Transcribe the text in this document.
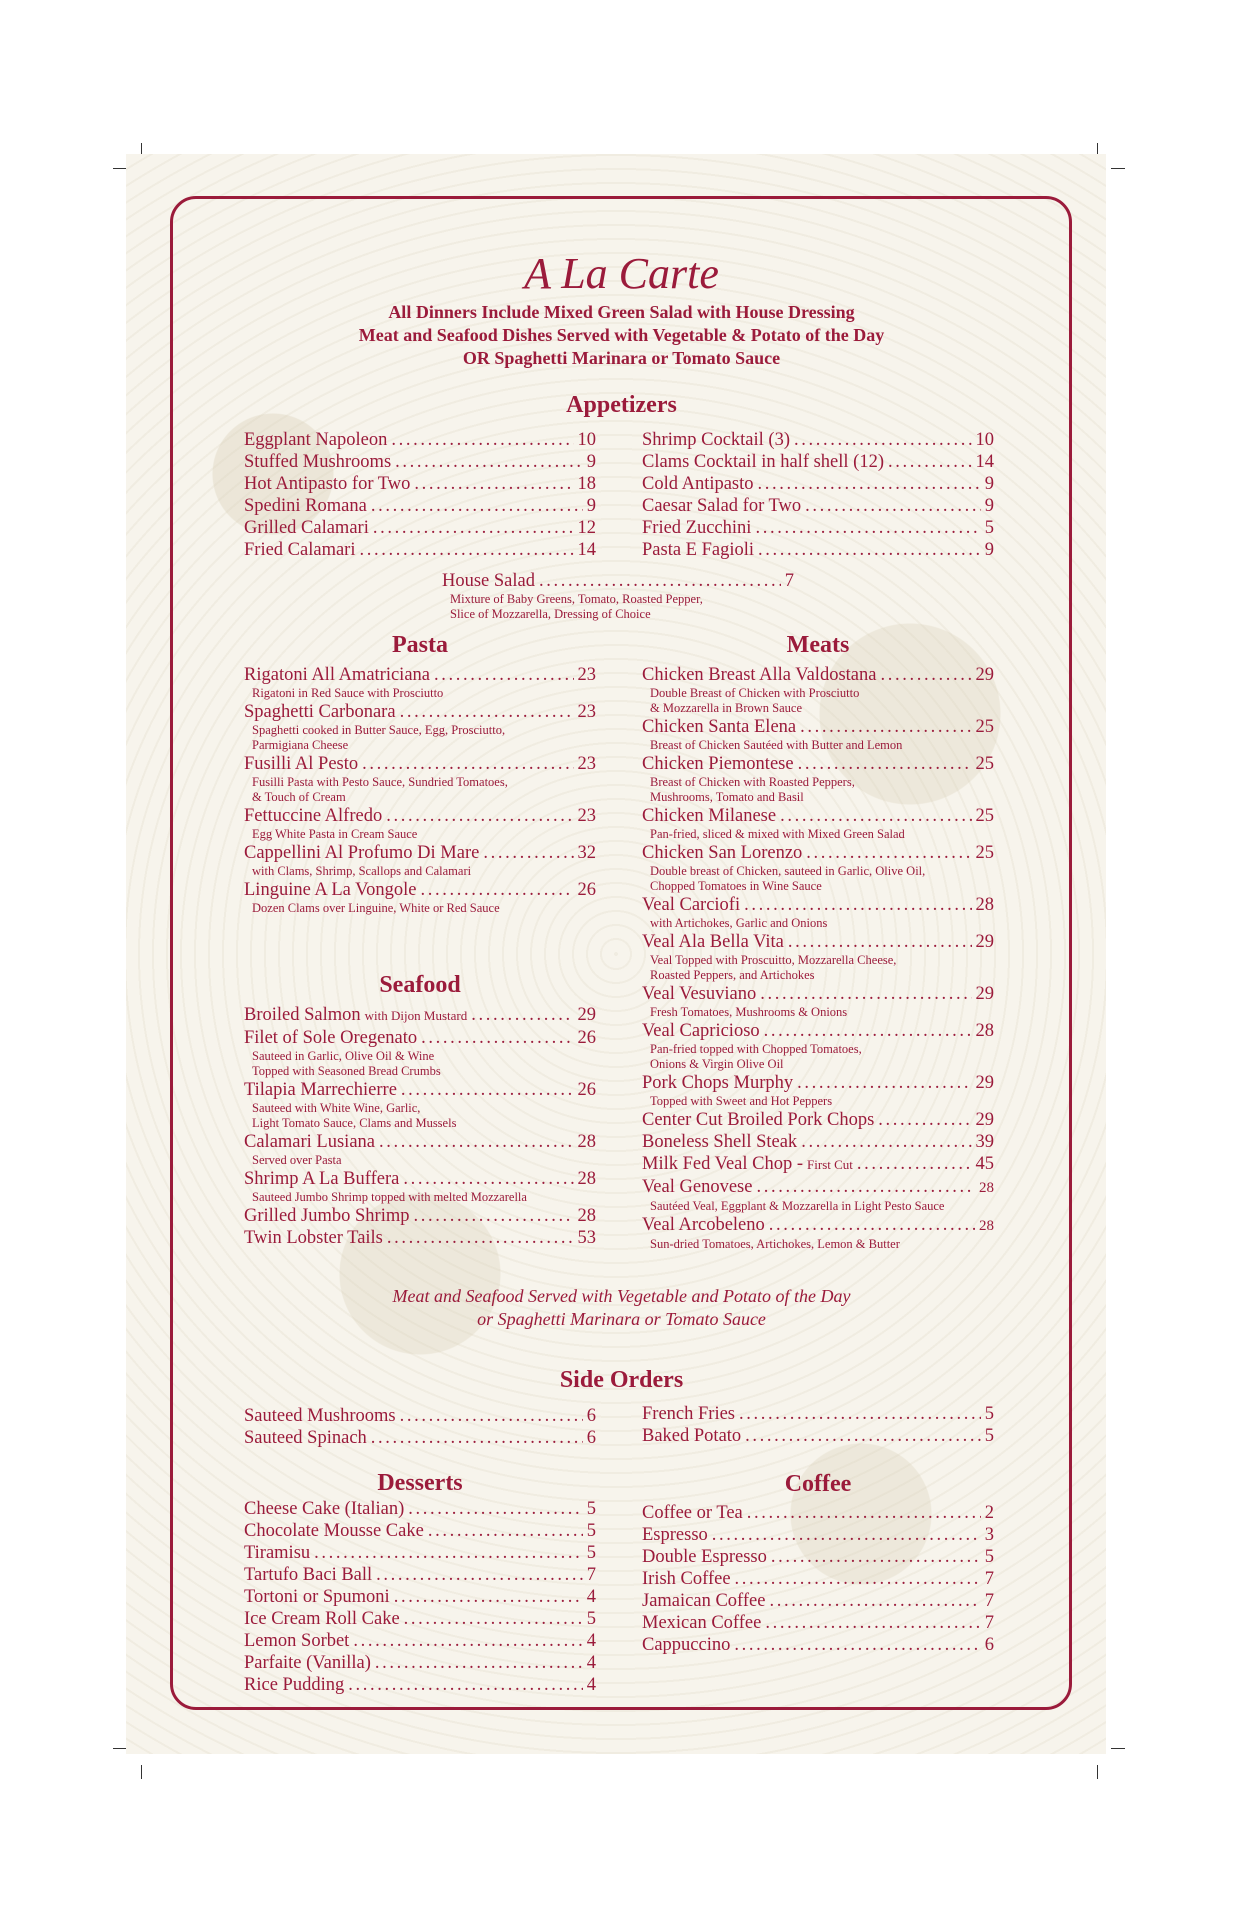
A La Carte
All Dinners Include Mixed Green Salad with House Dressing
Meat and Seafood Dishes Served with Vegetable & Potato of the Day
OR Spaghetti Marinara or Tomato Sauce
Appetizers
Eggplant Napoleon . . .	10
Stuffed Mushrooms . . .	9
Hot Antipasto for Two . . .	18
Spedini Romana . . .	9
Grilled Calamari . . .	12
Fried Calamari . . .	14
Shrimp Cocktail (3) . . .	10
Clams Cocktail in half shell (12) . . .	14
Cold Antipasto . . .	9
Caesar Salad for Two . . .	9
Fried Zucchini . . .	5
Pasta E Fagioli . . .	9
House Salad . . .	7
Mixture of Baby Greens, Tomato, Roasted Pepper,
Slice of Mozzarella, Dressing of Choice
Pasta
Rigatoni All Amatriciana . . .	23
Rigatoni in Red Sauce with Prosciutto
Spaghetti Carbonara . . .	23
Spaghetti cooked in Butter Sauce, Egg, Prosciutto,
Parmigiana Cheese
Fusilli Al Pesto . . .	23
Fusilli Pasta with Pesto Sauce, Sundried Tomatoes,
& Touch of Cream
Fettuccine Alfredo . . .	23
Egg White Pasta in Cream Sauce
Cappellini Al Profumo Di Mare . . .	32
with Clams, Shrimp, Scallops and Calamari
Linguine A La Vongole . . .	26
Dozen Clams over Linguine, White or Red Sauce
Seafood
Broiled Salmon with Dijon Mustard . . .	29
Filet of Sole Oregenato . . .	26
Sauteed in Garlic, Olive Oil & Wine
Topped with Seasoned Bread Crumbs
Tilapia Marrechierre . . .	26
Sauteed with White Wine, Garlic,
Light Tomato Sauce, Clams and Mussels
Calamari Lusiana . . .	28
Served over Pasta
Shrimp A La Buffera . . .	28
Sauteed Jumbo Shrimp topped with melted Mozzarella
Grilled Jumbo Shrimp . . .	28
Twin Lobster Tails . . .	53
Meats
Chicken Breast Alla Valdostana . . .	29
Double Breast of Chicken with Prosciutto
& Mozzarella in Brown Sauce
Chicken Santa Elena . . .	25
Breast of Chicken Sautéed with Butter and Lemon
Chicken Piemontese . . .	25
Breast of Chicken with Roasted Peppers,
Mushrooms, Tomato and Basil
Chicken Milanese . . .	25
Pan-fried, sliced & mixed with Mixed Green Salad
Chicken San Lorenzo . . .	25
Double breast of Chicken, sauteed in Garlic, Olive Oil,
Chopped Tomatoes in Wine Sauce
Veal Carciofi . . .	28
with Artichokes, Garlic and Onions
Veal Ala Bella Vita . . .	29
Veal Topped with Proscuitto, Mozzarella Cheese,
Roasted Peppers, and Artichokes
Veal Vesuviano . . .	29
Fresh Tomatoes, Mushrooms & Onions
Veal Capricioso . . .	28
Pan-fried topped with Chopped Tomatoes,
Onions & Virgin Olive Oil
Pork Chops Murphy . . .	29
Topped with Sweet and Hot Peppers
Center Cut Broiled Pork Chops . . .	29
Boneless Shell Steak . . .	39
Milk Fed Veal Chop - First Cut . . .	45
Veal Genovese . . .	28
Sautéed Veal, Eggplant & Mozzarella in Light Pesto Sauce
Veal Arcobeleno . . .	28
Sun-dried Tomatoes, Artichokes, Lemon & Butter
Meat and Seafood Served with Vegetable and Potato of the Day
or Spaghetti Marinara or Tomato Sauce
Side Orders
Sauteed Mushrooms . . .	6
Sauteed Spinach . . .	6
French Fries . . .	5
Baked Potato . . .	5
Desserts
Cheese Cake (Italian) . . .	5
Chocolate Mousse Cake . . .	5
Tiramisu . . .	5
Tartufo Baci Ball . . .	7
Tortoni or Spumoni . . .	4
Ice Cream Roll Cake . . .	5
Lemon Sorbet . . .	4
Parfaite (Vanilla) . . .	4
Rice Pudding . . .	4
Coffee
Coffee or Tea . . .	2
Espresso . . .	3
Double Espresso . . .	5
Irish Coffee . . .	7
Jamaican Coffee . . .	7
Mexican Coffee . . .	7
Cappuccino . . .	6
